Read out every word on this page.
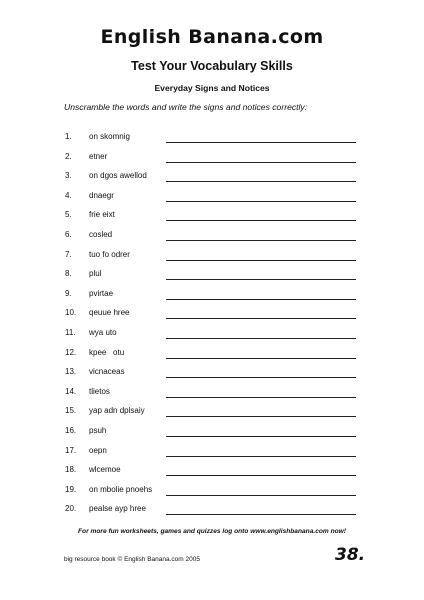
English Banana.com
Test Your Vocabulary Skills
Everyday Signs and Notices
Unscramble the words and write the signs and notices correctly:
1. on skomnig
2. etner
3. on dgos awellod
4. dnaegr
5. frie eixt
6. cosled
7. tuo fo odrer
8. plul
9. pvirtae
10. qeuue hree
11. wya uto
12. kpee   otu
13. vicnaceas
14. tlietos
15. yap adn dplsaiy
16. psuh
17. oepn
18. wlcemoe
19. on mbolie pnoehs
20. pealse ayp hree
For more fun worksheets, games and quizzes log onto www.englishbanana.com now!
big resource book © English Banana.com 2005	38.
